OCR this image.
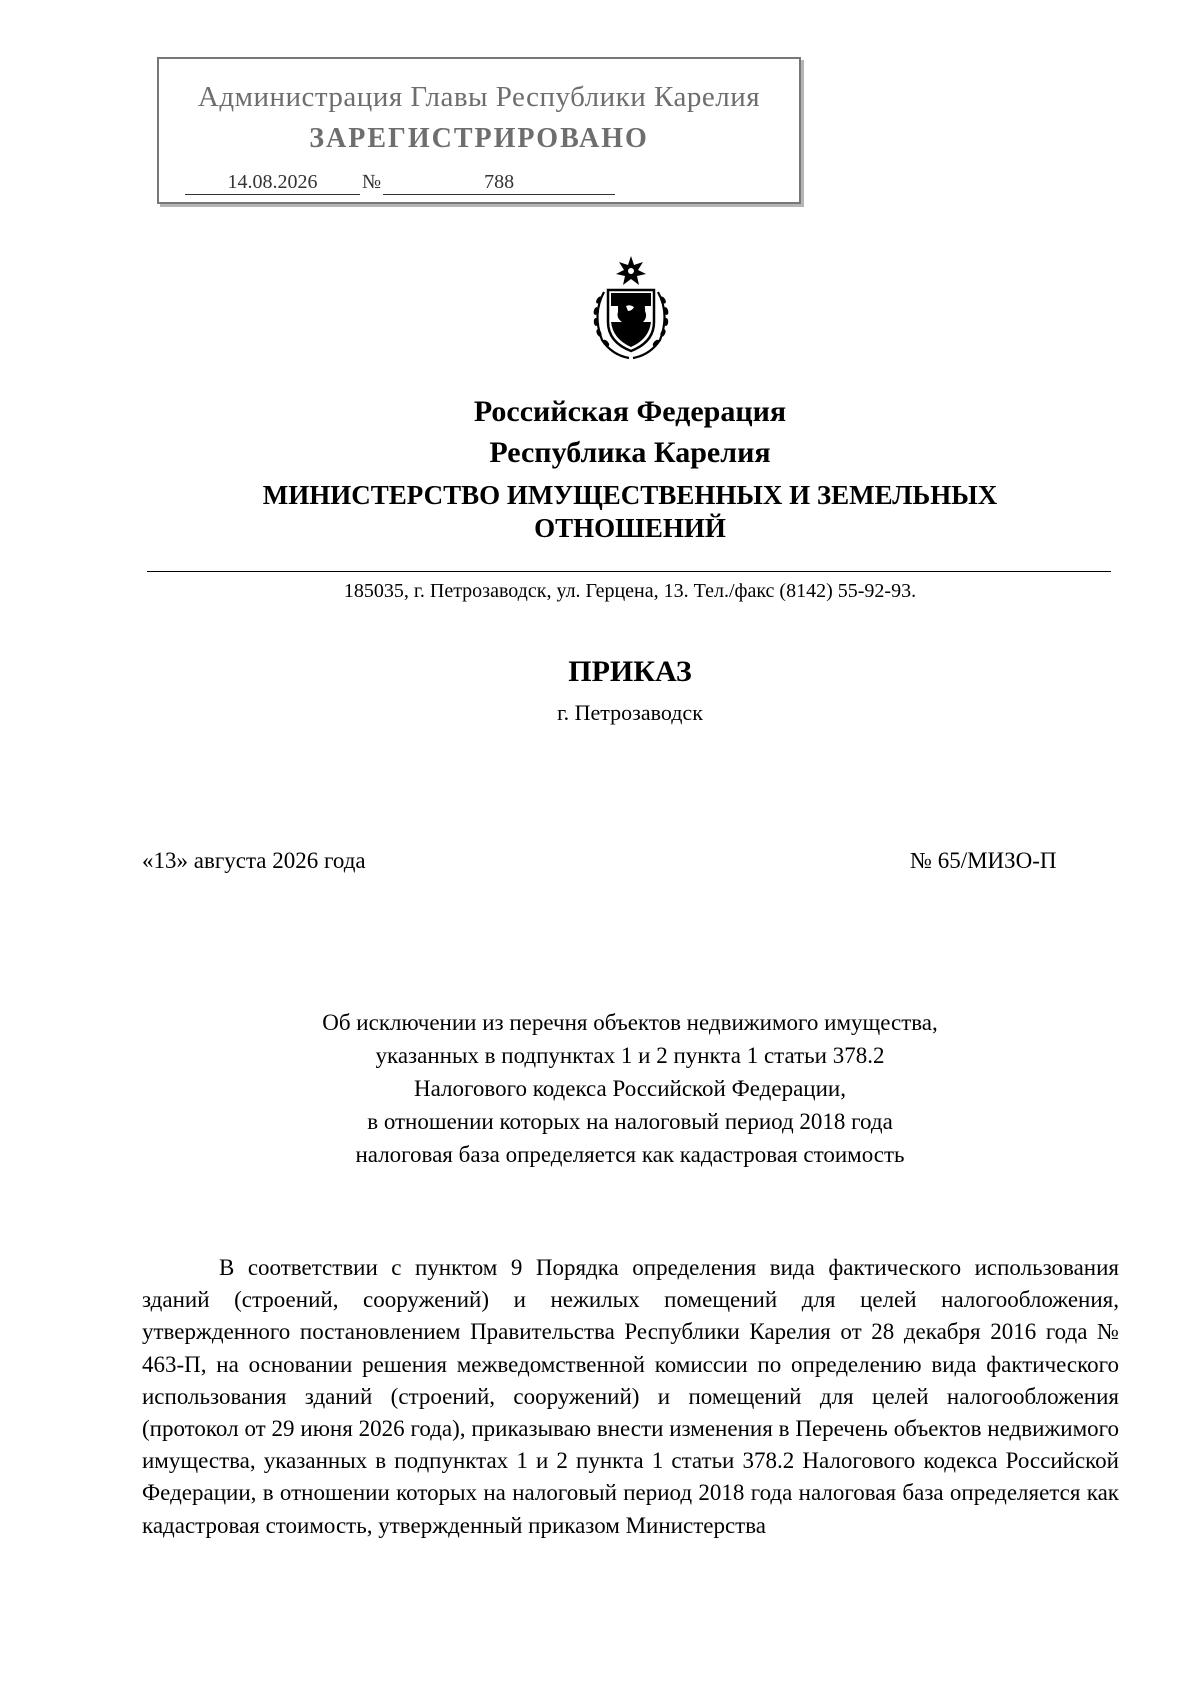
Администрация Главы Республики Карелия
ЗАРЕГИСТРИРОВАНО
14.08.2026 №	788
Российская Федерация
Республика Карелия
МИНИСТЕРСТВО ИМУЩЕСТВЕННЫХ И ЗЕМЕЛЬНЫХ
ОТНОШЕНИЙ
185035, г. Петрозаводск, ул. Герцена, 13. Тел./факс (8142) 55-92-93.
ПРИКАЗ
г. Петрозаводск
«13» августа 2026 года	№ 65/МИЗО-П
Об исключении из перечня объектов недвижимого имущества,
указанных в подпунктах 1 и 2 пункта 1 статьи 378.2
Налогового кодекса Российской Федерации,
в отношении которых на налоговый период 2018 года
налоговая база определяется как кадастровая стоимость

В соответствии с пунктом 9 Порядка определения вида фактического использования зданий (строений, сооружений) и нежилых помещений для целей налогообложения, утвержденного постановлением Правительства Республики Карелия от 28 декабря 2016 года № 463-П, на основании решения межведомственной комиссии по определению вида фактического использования зданий (строений, сооружений) и помещений для целей налогообложения (протокол от 29 июня 2026 года), приказываю внести изменения в Перечень объектов недвижимого имущества, указанных в подпунктах 1 и 2 пункта 1 статьи 378.2 Налогового кодекса Российской Федерации, в отношении которых на налоговый период 2018 года налоговая база определяется как кадастровая стоимость, утвержденный приказом Министерства
